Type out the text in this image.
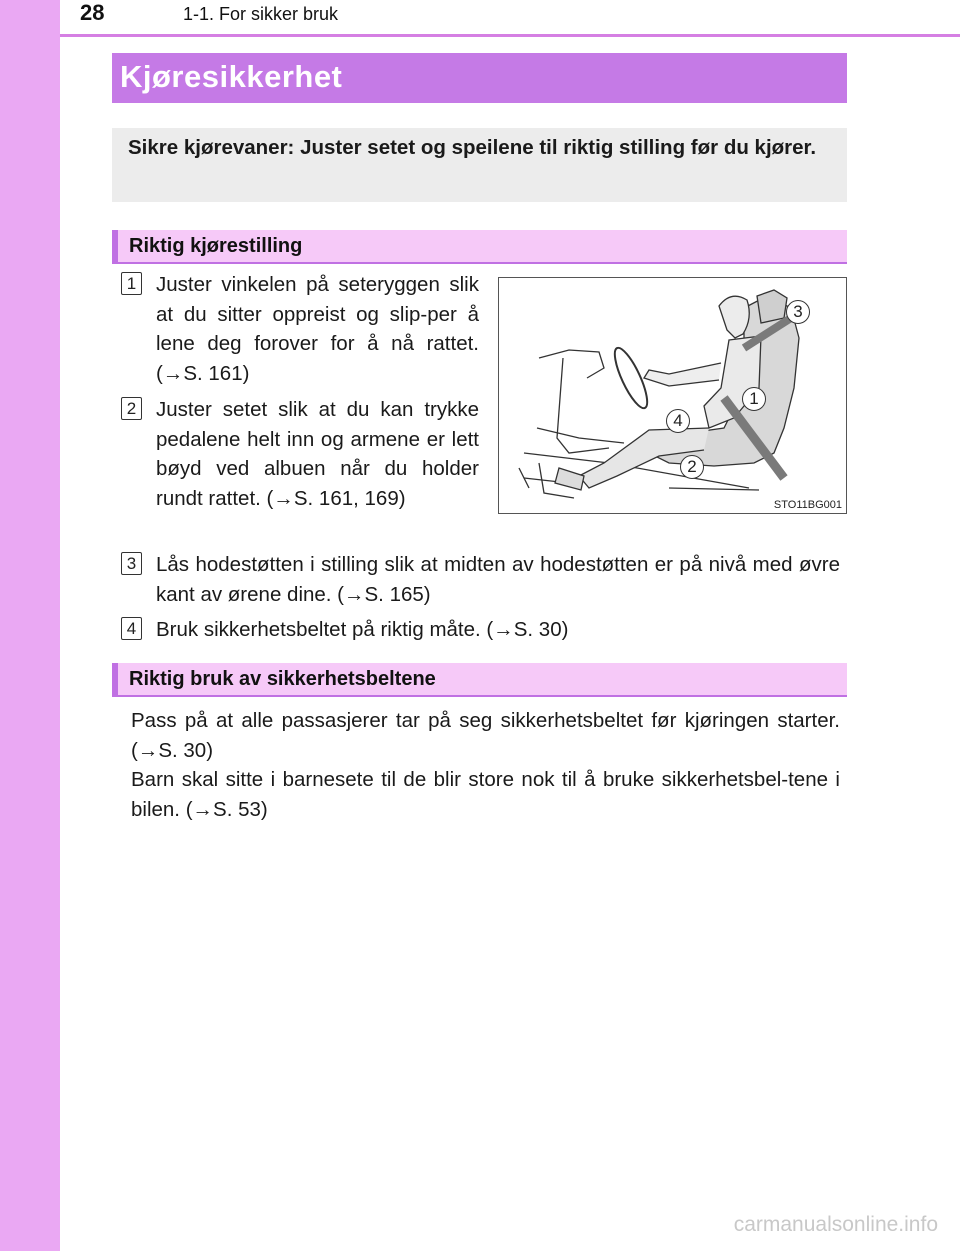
28	1-1. For sikker bruk
Kjøresikkerhet
Sikre kjørevaner: Juster setet og speilene til riktig stilling før du kjører.
Riktig kjørestilling
1 Juster vinkelen på seteryggen slik at du sitter oppreist og slip-per å lene deg forover for å nå rattet. (→S. 161)
2 Juster setet slik at du kan trykke pedalene helt inn og armene er lett bøyd ved albuen når du holder rundt rattet. (→S. 161, 169)
3
1
4
2
STO11BG001
3 Lås hodestøtten i stilling slik at midten av hodestøtten er på nivå med øvre kant av ørene dine. (→S. 165)
4 Bruk sikkerhetsbeltet på riktig måte. (→S. 30)
Riktig bruk av sikkerhetsbeltene
Pass på at alle passasjerer tar på seg sikkerhetsbeltet før kjøringen starter. (→S. 30)
Barn skal sitte i barnesete til de blir store nok til å bruke sikkerhetsbel-tene i bilen. (→S. 53)
carmanualsonline.info
